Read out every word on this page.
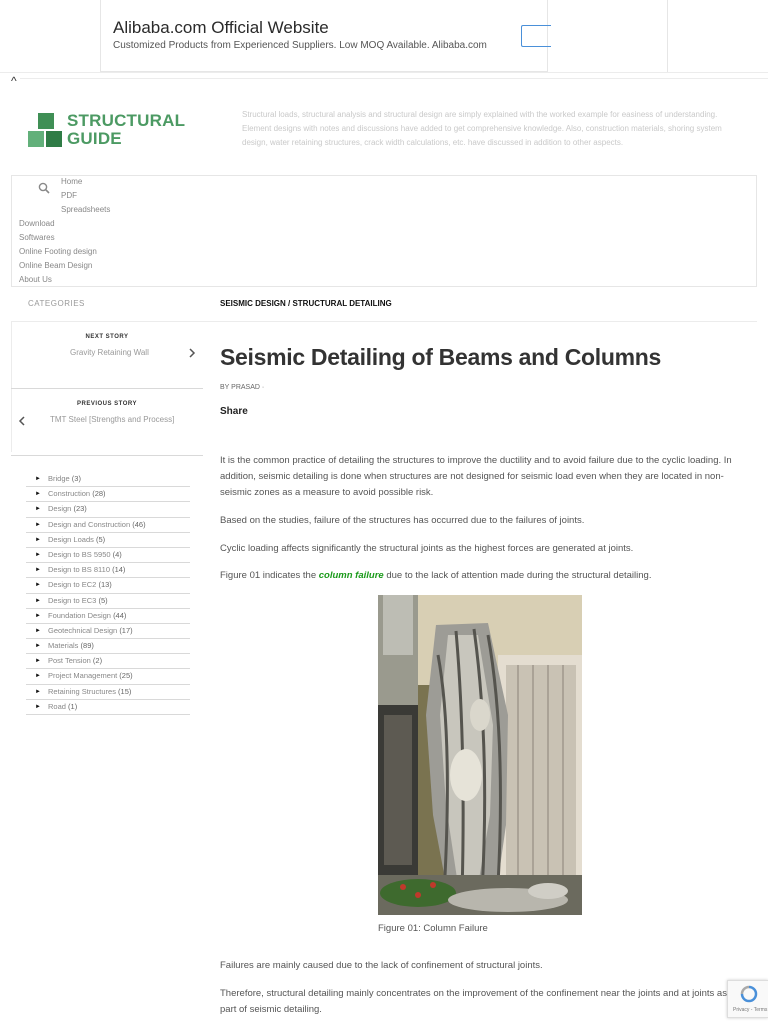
Alibaba.com Official Website
Customized Products from Experienced Suppliers. Low MOQ Available. Alibaba.com
^
STRUCTURAL
GUIDE
Structural loads, structural analysis and structural design are simply explained with the worked example for easiness of understanding. Element designs with notes and discussions have added to get comprehensive knowledge. Also, construction materials, shoring system design, water retaining structures, crack width calculations, etc. have discussed in addition to other aspects.
Home
PDF
Spreadsheets
Download
Softwares
Online Footing design
Online Beam Design
About Us
CATEGORIES	SEISMIC DESIGN / STRUCTURAL DETAILING
NEXT STORY
Gravity Retaining Wall
PREVIOUS STORY
TMT Steel [Strengths and Process]
► Bridge (3)
► Construction (28)
► Design (23)
► Design and Construction (46)
► Design Loads (5)
► Design to BS 5950 (4)
► Design to BS 8110 (14)
► Design to EC2 (13)
► Design to EC3 (5)
► Foundation Design (44)
► Geotechnical Design (17)
► Materials (89)
► Post Tension (2)
► Project Management (25)
► Retaining Structures (15)
► Road (1)
Seismic Detailing of Beams and Columns
BY PRASAD ·
Share

It is the common practice of detailing the structures to improve the ductility and to avoid failure due to the cyclic loading. In addition, seismic detailing is done when structures are not designed for seismic load even when they are located in non-seismic zones as a measure to avoid possible risk.

Based on the studies, failure of the structures has occurred due to the failures of joints.

Cyclic loading affects significantly the structural joints as the highest forces are generated at joints.

Figure 01 indicates the column failure due to the lack of attention made during the structural detailing.

Figure 01: Column Failure

Failures are mainly caused due to the lack of confinement of structural joints.

Therefore, structural detailing mainly concentrates on the improvement of the confinement near the joints and at joints as part of seismic detailing.	Privacy - Terms
